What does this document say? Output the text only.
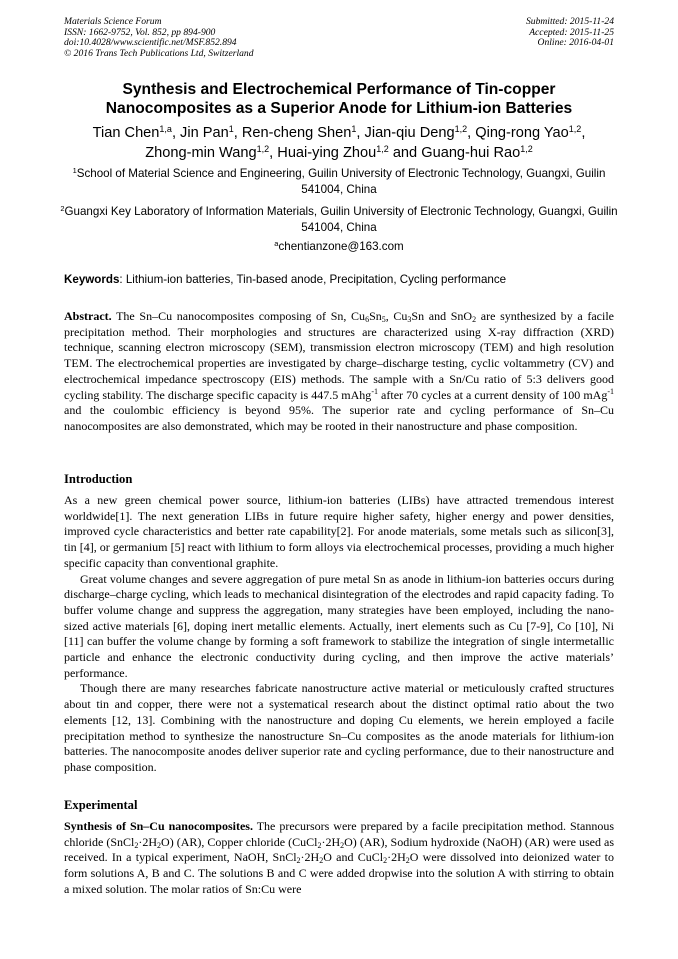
Materials Science Forum
ISSN: 1662-9752, Vol. 852, pp 894-900
doi:10.4028/www.scientific.net/MSF.852.894
© 2016 Trans Tech Publications Ltd, Switzerland
Submitted: 2015-11-24
Accepted: 2015-11-25
Online: 2016-04-01
Synthesis and Electrochemical Performance of Tin-copper
Nanocomposites as a Superior Anode for Lithium-ion Batteries
Tian Chen$^{1,a}$, Jin Pan$^1$, Ren-cheng Shen$^1$, Jian-qiu Deng$^{1,2}$, Qing-rong Yao$^{1,2}$,
Zhong-min Wang$^{1,2}$, Huai-ying Zhou$^{1,2}$ and Guang-hui Rao$^{1,2}$
$^1$School of Material Science and Engineering, Guilin University of Electronic Technology, Guangxi, Guilin 541004, China
$^2$Guangxi Key Laboratory of Information Materials, Guilin University of Electronic Technology, Guangxi, Guilin 541004, China
$^a$chentianzone@163.com
Keywords: Lithium-ion batteries, Tin-based anode, Precipitation, Cycling performance
Abstract. The Sn–Cu nanocomposites composing of Sn, $Cu_6Sn_5$, $Cu_3Sn$ and SnO$_2$ are synthesized by a facile precipitation method. Their morphologies and structures are characterized using X-ray diffraction (XRD) technique, scanning electron microscopy (SEM), transmission electron microscopy (TEM) and high resolution TEM. The electrochemical properties are investigated by charge–discharge testing, cyclic voltammetry (CV) and electrochemical impedance spectroscopy (EIS) methods. The sample with a Sn/Cu ratio of 5:3 delivers good cycling stability. The discharge specific capacity is 447.5 mAhg$^{-1}$ after 70 cycles at a current density of 100 mAg$^{-1}$ and the coulombic efficiency is beyond 95%. The superior rate and cycling performance of Sn–Cu nanocomposites are also demonstrated, which may be rooted in their nanostructure and phase composition.
Introduction

As a new green chemical power source, lithium-ion batteries (LIBs) have attracted tremendous interest worldwide[1]. The next generation LIBs in future require higher safety, higher energy and power densities, improved cycle characteristics and better rate capability[2]. For anode materials, some metals such as silicon[3], tin [4], or germanium [5] react with lithium to form alloys via electrochemical processes, providing a much higher specific capacity than conventional graphite.

Great volume changes and severe aggregation of pure metal Sn as anode in lithium-ion batteries occurs during discharge–charge cycling, which leads to mechanical disintegration of the electrodes and rapid capacity fading. To buffer volume change and suppress the aggregation, many strategies have been employed, including the nano-sized active materials [6], doping inert metallic elements. Actually, inert elements such as Cu [7-9], Co [10], Ni [11] can buffer the volume change by forming a soft framework to stabilize the integration of single intermetallic particle and enhance the electronic conductivity during cycling, and then improve the active materials’ performance.

Though there are many researches fabricate nanostructure active material or meticulously crafted structures about tin and copper, there were not a systematical research about the distinct optimal ratio about the two elements [12, 13]. Combining with the nanostructure and doping Cu elements, we herein employed a facile precipitation method to synthesize the nanostructure Sn–Cu composites as the anode materials for lithium-ion batteries. The nanocomposite anodes deliver superior rate and cycling performance, due to their nanostructure and phase composition.

Experimental
Synthesis of Sn–Cu nanocomposites. The precursors were prepared by a facile precipitation method. Stannous chloride $(SnCl_2\cdot 2H_2O)$ (AR), Copper chloride $(CuCl_2\cdot 2H_2O)$ (AR), Sodium hydroxide (NaOH) (AR) were used as received. In a typical experiment, NaOH, $SnCl_2\cdot 2H_2O$ and $CuCl_2\cdot 2H_2O$ were dissolved into deionized water to form solutions A, B and C. The solutions B and C were added dropwise into the solution A with stirring to obtain a mixed solution. The molar ratios of Sn:Cu were
